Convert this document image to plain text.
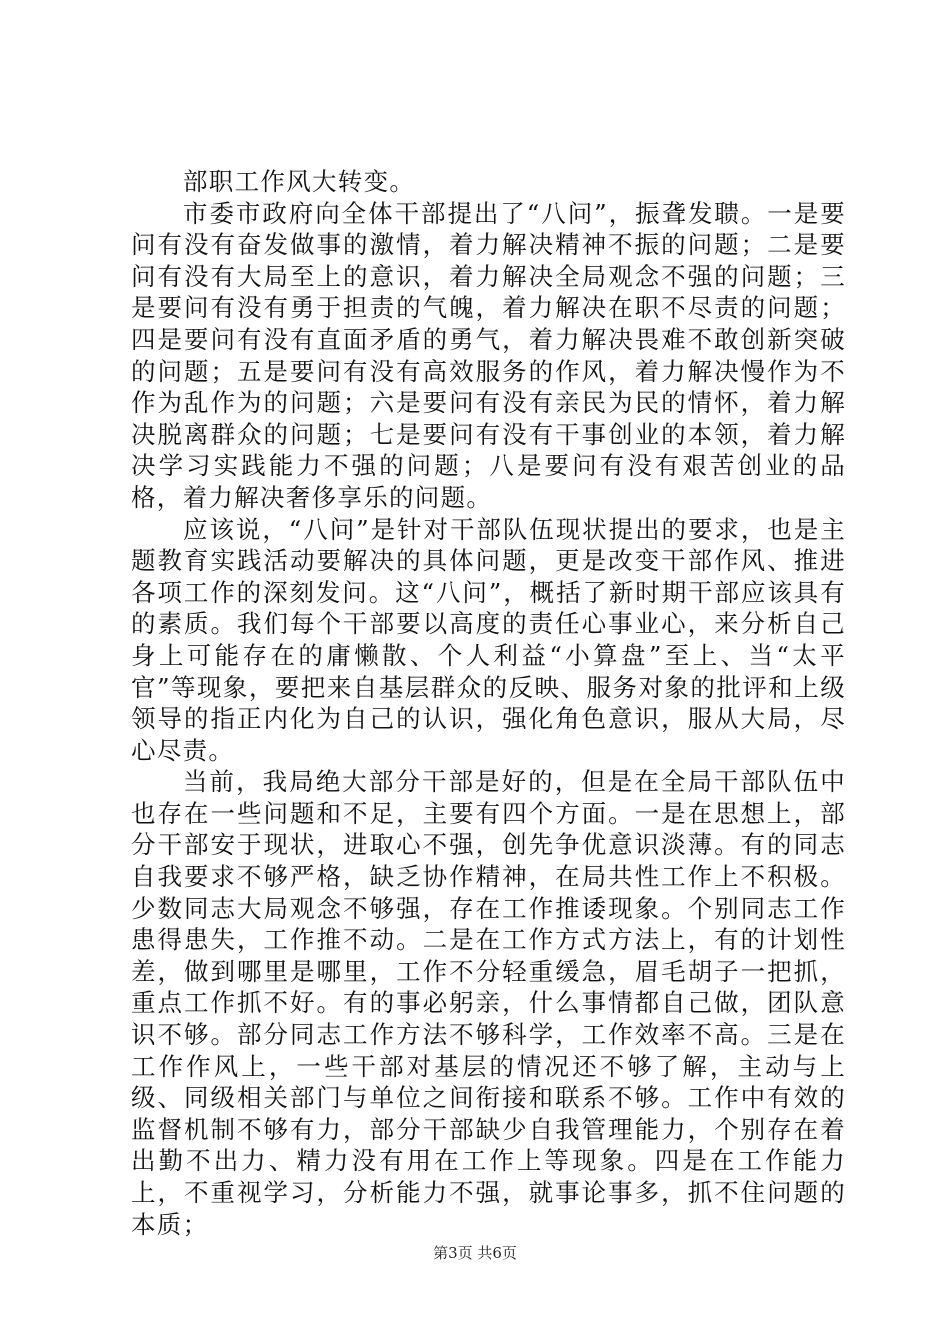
部职工作风大转变。

市委市政府向全体干部提出了“八问”，振聋发聩。一是要问有没有奋发做事的激情，着力解决精神不振的问题；二是要问有没有大局至上的意识，着力解决全局观念不强的问题；三是要问有没有勇于担责的气魄，着力解决在职不尽责的问题；四是要问有没有直面矛盾的勇气，着力解决畏难不敢创新突破的问题；五是要问有没有高效服务的作风，着力解决慢作为不作为乱作为的问题；六是要问有没有亲民为民的情怀，着力解决脱离群众的问题；七是要问有没有干事创业的本领，着力解决学习实践能力不强的问题；八是要问有没有艰苦创业的品格，着力解决奢侈享乐的问题。

应该说，“八问”是针对干部队伍现状提出的要求，也是主题教育实践活动要解决的具体问题，更是改变干部作风、推进各项工作的深刻发问。这“八问”，概括了新时期干部应该具有的素质。我们每个干部要以高度的责任心事业心，来分析自己身上可能存在的庸懒散、个人利益“小算盘”至上、当“太平官”等现象，要把来自基层群众的反映、服务对象的批评和上级领导的指正内化为自己的认识，强化角色意识，服从大局，尽心尽责。

当前，我局绝大部分干部是好的，但是在全局干部队伍中也存在一些问题和不足，主要有四个方面。一是在思想上，部分干部安于现状，进取心不强，创先争优意识淡薄。有的同志自我要求不够严格，缺乏协作精神，在局共性工作上不积极。少数同志大局观念不够强，存在工作推诿现象。个别同志工作患得患失，工作推不动。二是在工作方式方法上，有的计划性差，做到哪里是哪里，工作不分轻重缓急，眉毛胡子一把抓，重点工作抓不好。有的事必躬亲，什么事情都自己做，团队意识不够。部分同志工作方法不够科学，工作效率不高。三是在工作作风上，一些干部对基层的情况还不够了解，主动与上级、同级相关部门与单位之间衔接和联系不够。工作中有效的监督机制不够有力，部分干部缺少自我管理能力，个别存在着出勤不出力、精力没有用在工作上等现象。四是在工作能力上，不重视学习，分析能力不强，就事论事多，抓不住问题的本质；

第3页 共6页
